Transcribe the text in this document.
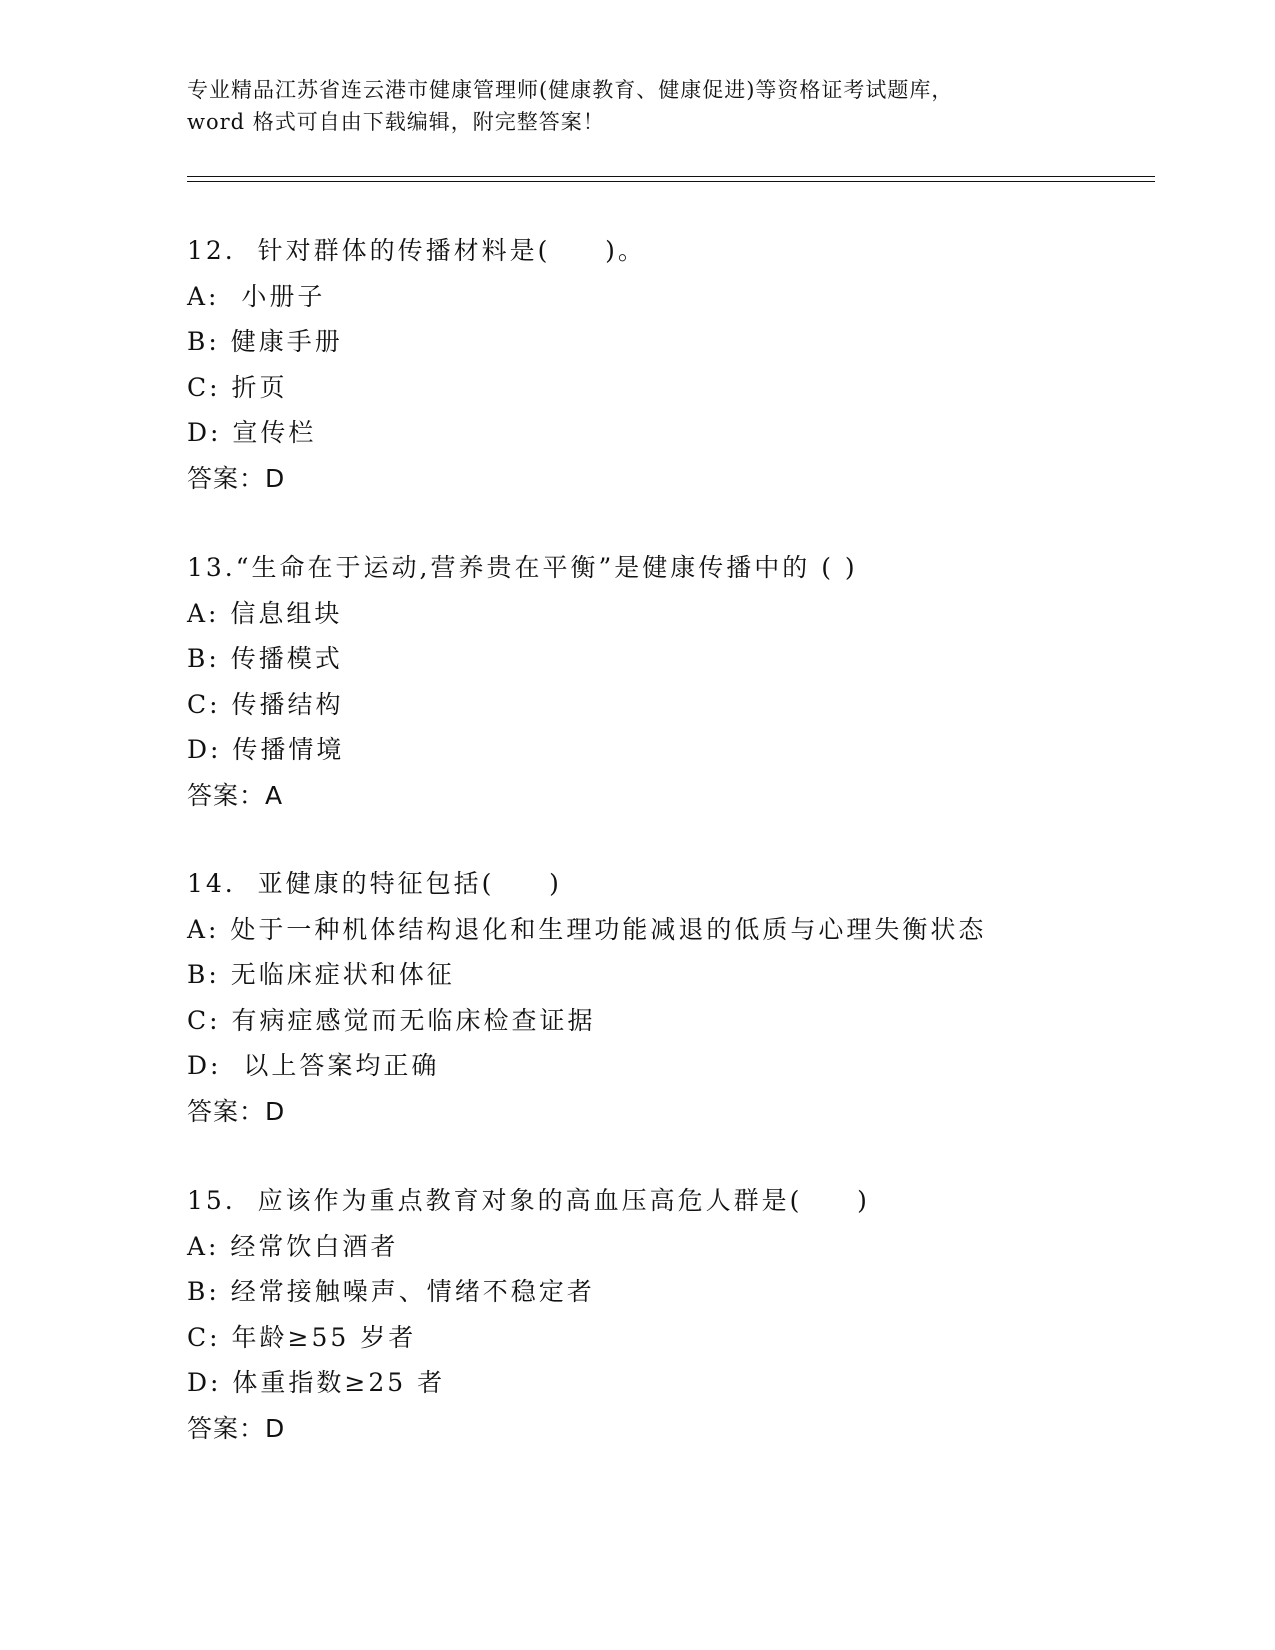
专业精品江苏省连云港市健康管理师(健康教育、健康促进)等资格证考试题库，
word 格式可自由下载编辑，附完整答案！
12.  针对群体的传播材料是(     )。
A:  小册子
B: 健康手册
C: 折页
D: 宣传栏
答案：D
13.“生命在于运动,营养贵在平衡”是健康传播中的 ( )
A: 信息组块
B: 传播模式
C: 传播结构
D: 传播情境
答案：A
14.  亚健康的特征包括(     )
A: 处于一种机体结构退化和生理功能减退的低质与心理失衡状态
B: 无临床症状和体征
C: 有病症感觉而无临床检查证据
D:  以上答案均正确
答案：D
15.  应该作为重点教育对象的高血压高危人群是(     )
A: 经常饮白酒者
B: 经常接触噪声、情绪不稳定者
C: 年龄≥55 岁者
D: 体重指数≥25 者
答案：D
